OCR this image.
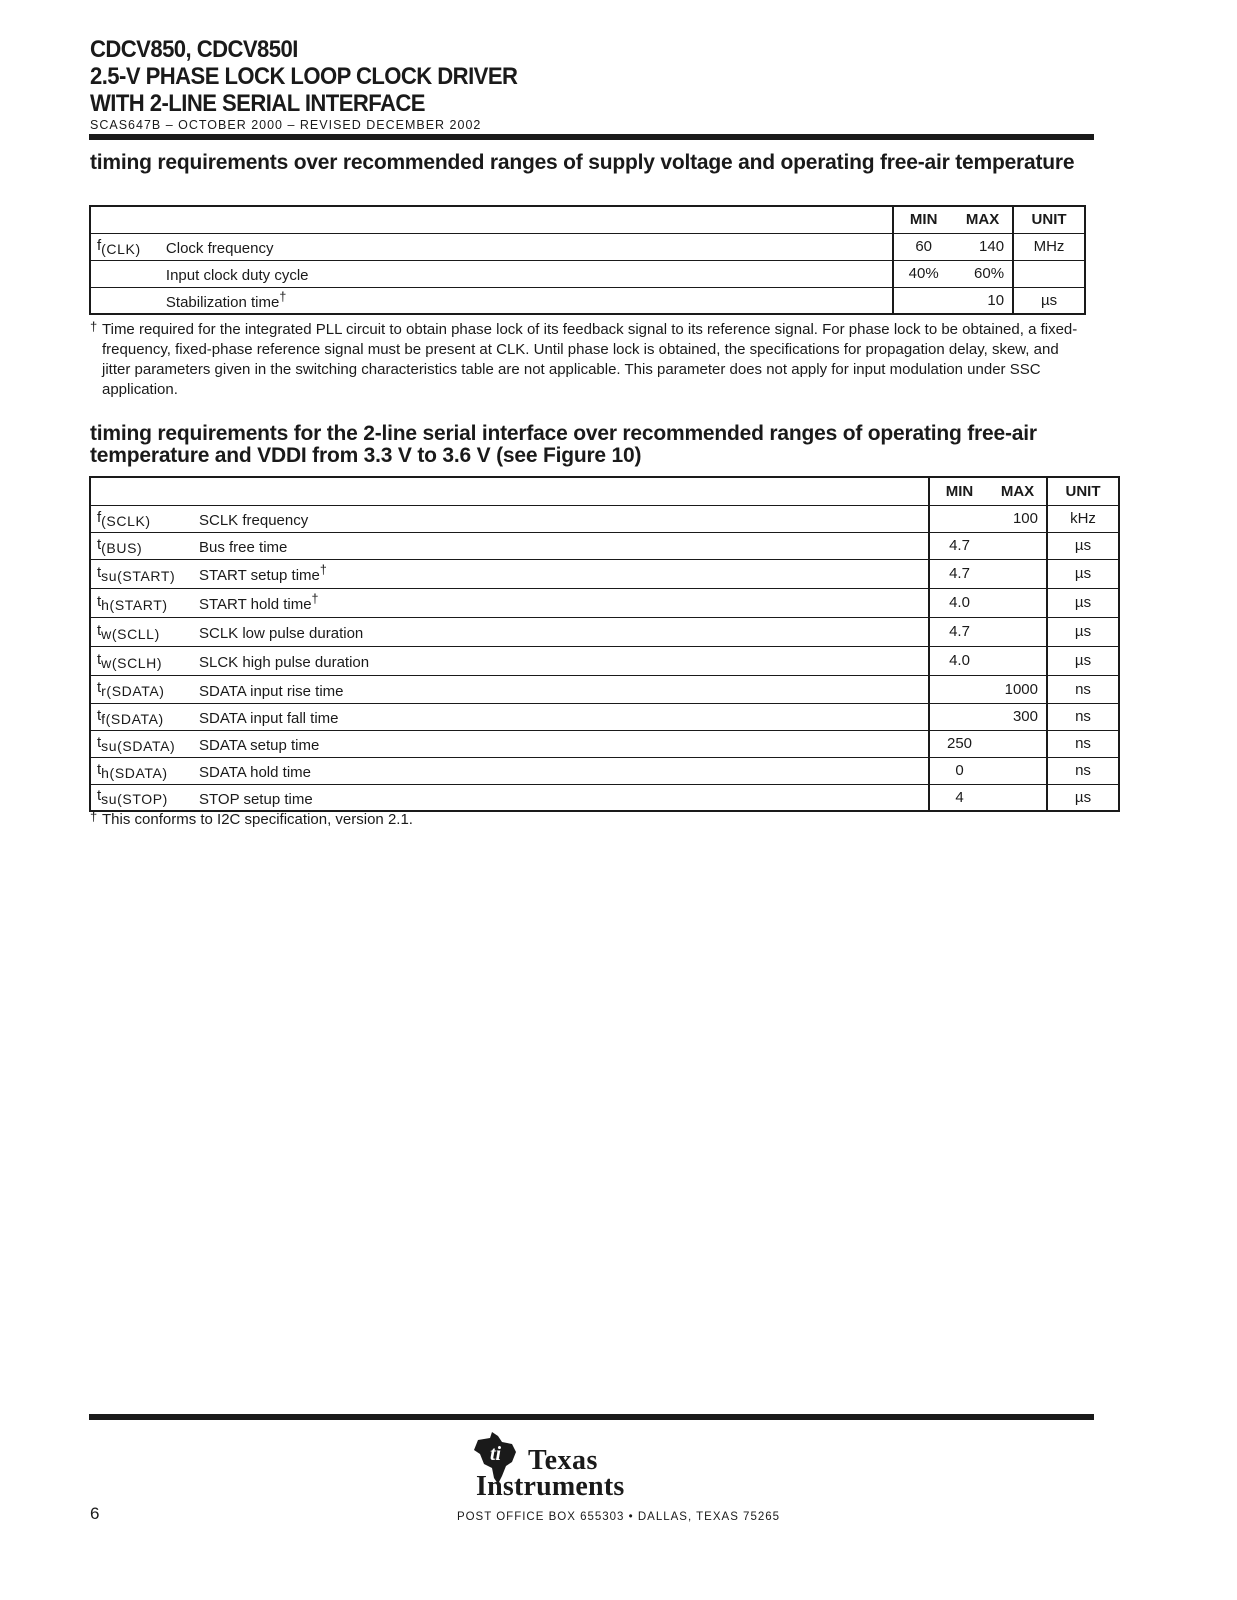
CDCV850, CDCV850I
2.5-V PHASE LOCK LOOP CLOCK DRIVER
WITH 2-LINE SERIAL INTERFACE
SCAS647B – OCTOBER 2000 – REVISED DECEMBER 2002
timing requirements over recommended ranges of supply voltage and operating free-air temperature
		MIN	MAX	UNIT
$f_{(CLK)}$	Clock frequency	60	140	MHz
	Input clock duty cycle	40%	60%	
	Stabilization time†		10	µs
† Time required for the integrated PLL circuit to obtain phase lock of its feedback signal to its reference signal. For phase lock to be obtained, a fixed-frequency, fixed-phase reference signal must be present at CLK. Until phase lock is obtained, the specifications for propagation delay, skew, and jitter parameters given in the switching characteristics table are not applicable. This parameter does not apply for input modulation under SSC application.
timing requirements for the 2-line serial interface over recommended ranges of operating free-air temperature and VDDI from 3.3 V to 3.6 V (see Figure 10)
		MIN	MAX	UNIT
$f_{(SCLK)}$	SCLK frequency		100	kHz
$t_{(BUS)}$	Bus free time	4.7		µs
$t_{su(START)}$	START setup time†	4.7		µs
$t_{h(START)}$	START hold time†	4.0		µs
$t_{w(SCLL)}$	SCLK low pulse duration	4.7		µs
$t_{w(SCLH)}$	SLCK high pulse duration	4.0		µs
$t_{r(SDATA)}$	SDATA input rise time		1000	ns
$t_{f(SDATA)}$	SDATA input fall time		300	ns
$t_{su(SDATA)}$	SDATA setup time	250		ns
$t_{h(SDATA)}$	SDATA hold time	0		ns
$t_{su(STOP)}$	STOP setup time	4		µs
† This conforms to I2C specification, version 2.1.
6
ti Texas
Instruments
POST OFFICE BOX 655303 • DALLAS, TEXAS 75265
